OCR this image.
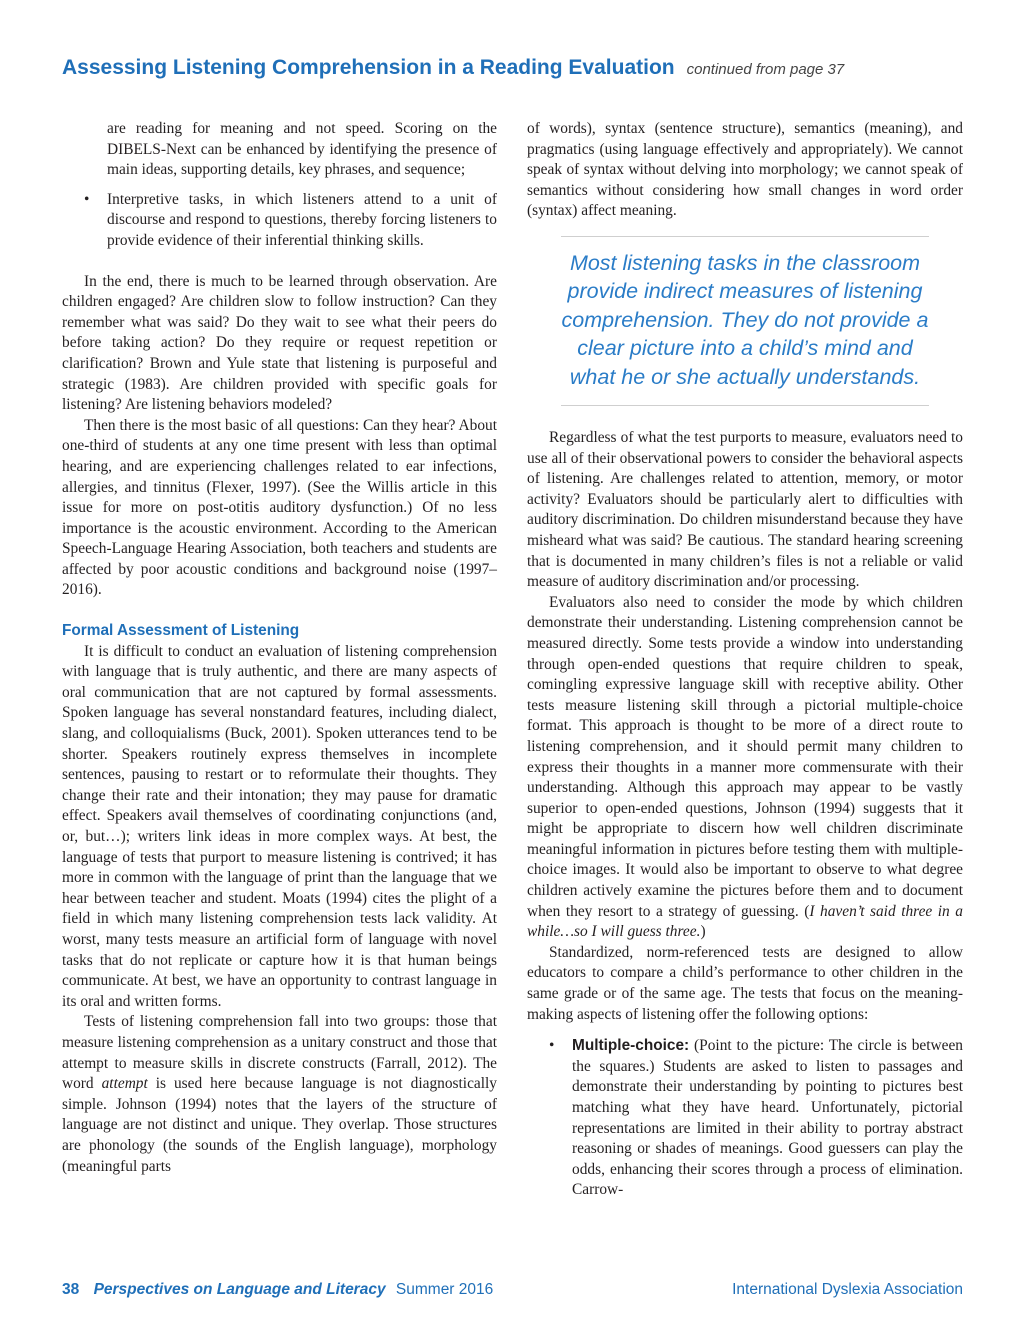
Assessing Listening Comprehension in a Reading Evaluation continued from page 37

are reading for meaning and not speed. Scoring on the DIBELS-Next can be enhanced by identifying the presence of main ideas, supporting details, key phrases, and sequence;

• Interpretive tasks, in which listeners attend to a unit of discourse and respond to questions, thereby forcing listeners to provide evidence of their inferential thinking skills.

In the end, there is much to be learned through observation. Are children engaged? Are children slow to follow instruction? Can they remember what was said? Do they wait to see what their peers do before taking action? Do they require or request repetition or clarification? Brown and Yule state that listening is purposeful and strategic (1983). Are children provided with specific goals for listening? Are listening behaviors modeled?

Then there is the most basic of all questions: Can they hear? About one-third of students at any one time present with less than optimal hearing, and are experiencing challenges related to ear infections, allergies, and tinnitus (Flexer, 1997). (See the Willis article in this issue for more on post-otitis auditory dysfunction.) Of no less importance is the acoustic environment. According to the American Speech-Language Hearing Association, both teachers and students are affected by poor acoustic conditions and background noise (1997–2016).

Formal Assessment of Listening

It is difficult to conduct an evaluation of listening comprehension with language that is truly authentic, and there are many aspects of oral communication that are not captured by formal assessments. Spoken language has several nonstandard features, including dialect, slang, and colloquialisms (Buck, 2001). Spoken utterances tend to be shorter. Speakers routinely express themselves in incomplete sentences, pausing to restart or to reformulate their thoughts. They change their rate and their intonation; they may pause for dramatic effect. Speakers avail themselves of coordinating conjunctions (and, or, but…); writers link ideas in more complex ways. At best, the language of tests that purport to measure listening is contrived; it has more in common with the language of print than the language that we hear between teacher and student. Moats (1994) cites the plight of a field in which many listening comprehension tests lack validity. At worst, many tests measure an artificial form of language with novel tasks that do not replicate or capture how it is that human beings communicate. At best, we have an opportunity to contrast language in its oral and written forms.

Tests of listening comprehension fall into two groups: those that measure listening comprehension as a unitary construct and those that attempt to measure skills in discrete constructs (Farrall, 2012). The word attempt is used here because language is not diagnostically simple. Johnson (1994) notes that the layers of the structure of language are not distinct and unique. They overlap. Those structures are phonology (the sounds of the English language), morphology (meaningful parts

of words), syntax (sentence structure), semantics (meaning), and pragmatics (using language effectively and appropriately). We cannot speak of syntax without delving into morphology; we cannot speak of semantics without considering how small changes in word order (syntax) affect meaning.

Most listening tasks in the classroom provide indirect measures of listening comprehension. They do not provide a clear picture into a child’s mind and what he or she actually understands.

Regardless of what the test purports to measure, evaluators need to use all of their observational powers to consider the behavioral aspects of listening. Are challenges related to attention, memory, or motor activity? Evaluators should be particularly alert to difficulties with auditory discrimination. Do children misunderstand because they have misheard what was said? Be cautious. The standard hearing screening that is documented in many children’s files is not a reliable or valid measure of auditory discrimination and/or processing.

Evaluators also need to consider the mode by which children demonstrate their understanding. Listening comprehension cannot be measured directly. Some tests provide a window into understanding through open-ended questions that require children to speak, comingling expressive language skill with receptive ability. Other tests measure listening skill through a pictorial multiple-choice format. This approach is thought to be more of a direct route to listening comprehension, and it should permit many children to express their thoughts in a manner more commensurate with their understanding. Although this approach may appear to be vastly superior to open-ended questions, Johnson (1994) suggests that it might be appropriate to discern how well children discriminate meaningful information in pictures before testing them with multiple-choice images. It would also be important to observe to what degree children actively examine the pictures before them and to document when they resort to a strategy of guessing. (I haven’t said three in a while…so I will guess three.)

Standardized, norm-referenced tests are designed to allow educators to compare a child’s performance to other children in the same grade or of the same age. The tests that focus on the meaning-making aspects of listening offer the following options:

• Multiple-choice: (Point to the picture: The circle is between the squares.) Students are asked to listen to passages and demonstrate their understanding by pointing to pictures best matching what they have heard. Unfortunately, pictorial representations are limited in their ability to portray abstract reasoning or shades of meanings. Good guessers can play the odds, enhancing their scores through a process of elimination. Carrow-
38 Perspectives on Language and Literacy Summer 2016	International Dyslexia Association
